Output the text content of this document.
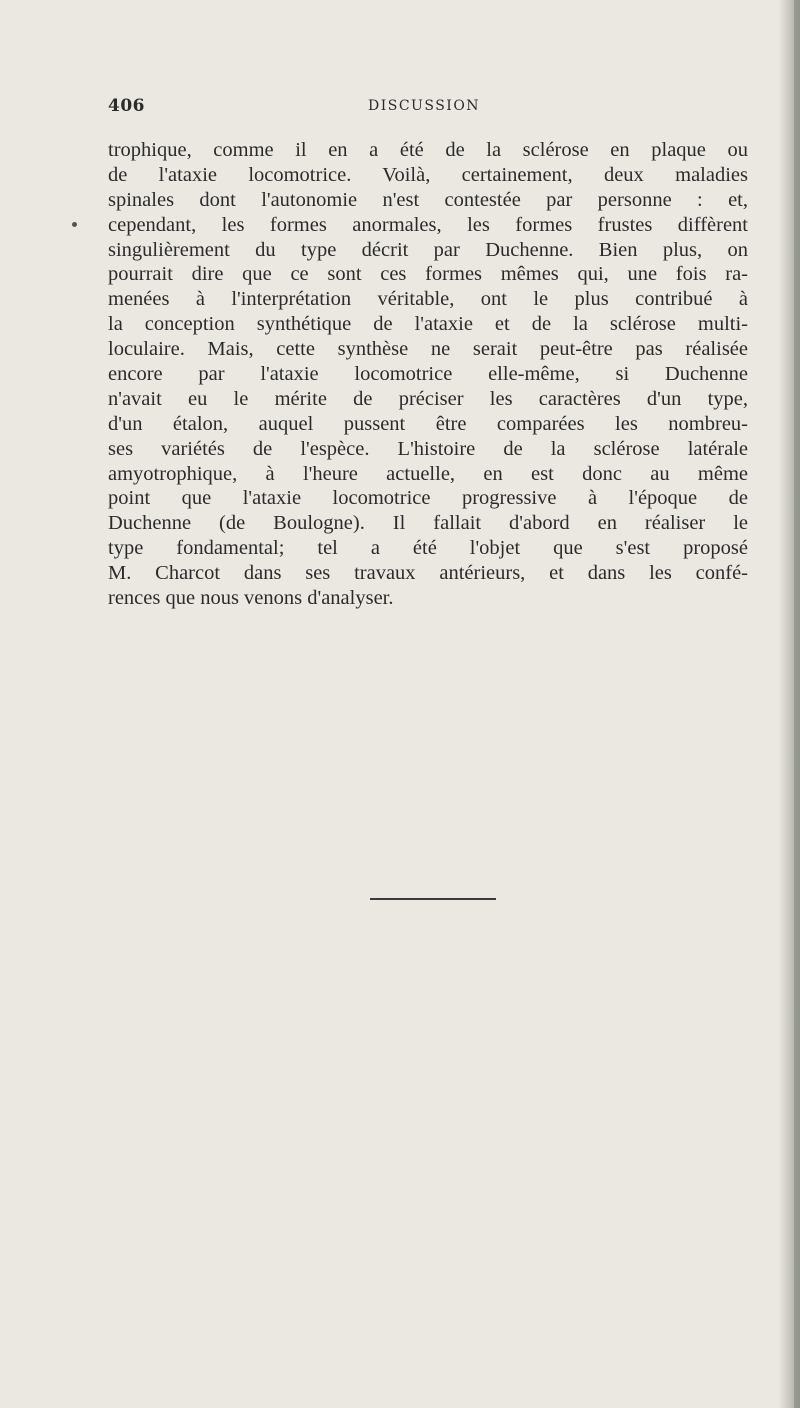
406	DISCUSSION
trophique, comme il en a été de la sclérose en plaque ou
de l'ataxie locomotrice. Voilà, certainement, deux maladies
spinales dont l'autonomie n'est contestée par personne : et,
cependant, les formes anormales, les formes frustes diffèrent
singulièrement du type décrit par Duchenne. Bien plus, on
pourrait dire que ce sont ces formes mêmes qui, une fois ra-
menées à l'interprétation véritable, ont le plus contribué à
la conception synthétique de l'ataxie et de la sclérose multi-
loculaire. Mais, cette synthèse ne serait peut-être pas réalisée
encore par l'ataxie locomotrice elle-même, si Duchenne
n'avait eu le mérite de préciser les caractères d'un type,
d'un étalon, auquel pussent être comparées les nombreu-
ses variétés de l'espèce. L'histoire de la sclérose latérale
amyotrophique, à l'heure actuelle, en est donc au même
point que l'ataxie locomotrice progressive à l'époque de
Duchenne (de Boulogne). Il fallait d'abord en réaliser le
type fondamental; tel a été l'objet que s'est proposé
M. Charcot dans ses travaux antérieurs, et dans les confé-
rences que nous venons d'analyser.
